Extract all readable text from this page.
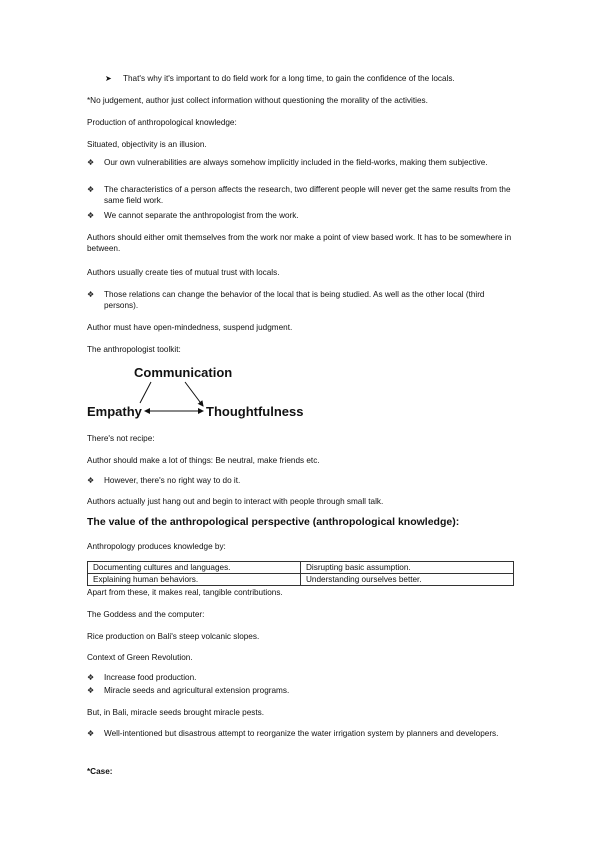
➤ That's why it's important to do field work for a long time, to gain the confidence of the locals.
*No judgement, author just collect information without questioning the morality of the activities.
Production of anthropological knowledge:
Situated, objectivity is an illusion.
❖	Our own vulnerabilities are always somehow implicitly included in the field-works, making them subjective.
❖	The characteristics of a person affects the research, two different people will never get the same results from the same field work.
❖	We cannot separate the anthropologist from the work.
Authors should either omit themselves from the work nor make a point of view based work. It has to be somewhere in between.
Authors usually create ties of mutual trust with locals.
❖	Those relations can change the behavior of the local that is being studied. As well as the other local (third persons).
Author must have open-mindedness, suspend judgment.
The anthropologist toolkit:
Communication
Empathy	Thoughtfulness
There's not recipe:
Author should make a lot of things: Be neutral, make friends etc.
❖	However, there's no right way to do it.
Authors actually just hang out and begin to interact with people through small talk.
The value of the anthropological perspective (anthropological knowledge):
Anthropology produces knowledge by:
Documenting cultures and languages.	Disrupting basic assumption.
Explaining human behaviors.	Understanding ourselves better.
Apart from these, it makes real, tangible contributions.
The Goddess and the computer:
Rice production on Bali's steep volcanic slopes.
Context of Green Revolution.
❖	Increase food production.
❖	Miracle seeds and agricultural extension programs.
But, in Bali, miracle seeds brought miracle pests.
❖	Well-intentioned but disastrous attempt to reorganize the water irrigation system by planners and developers.
*Case:
